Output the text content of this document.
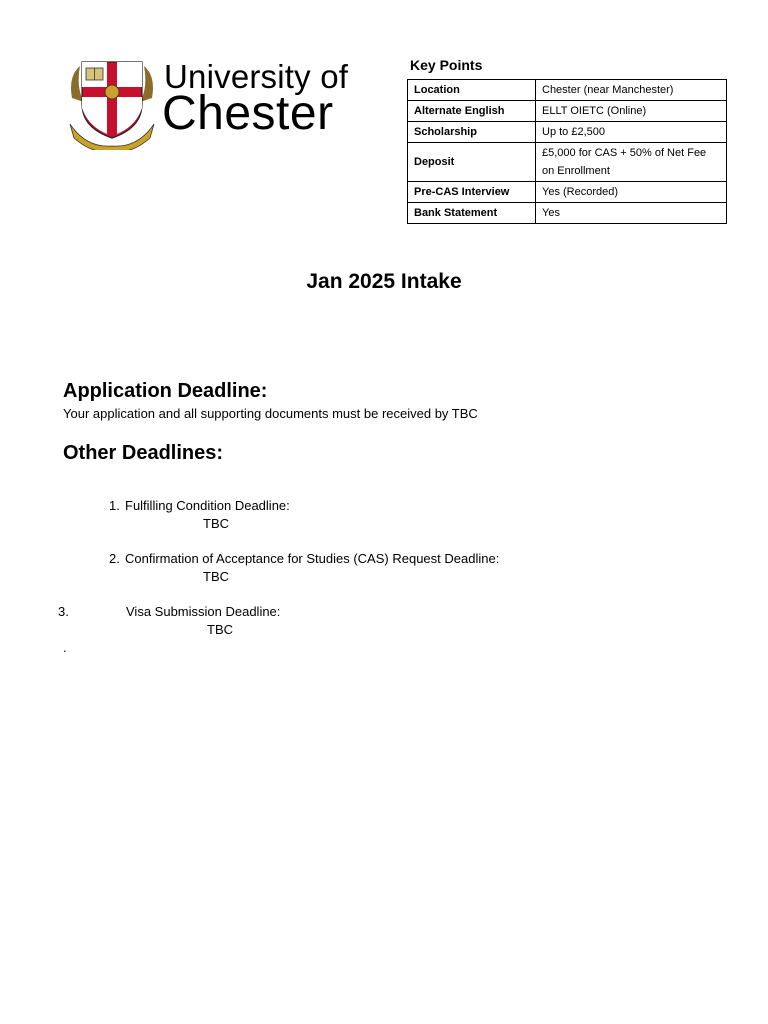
University of
Chester
Key Points
Location	Chester (near Manchester)
Alternate English	ELLT OIETC (Online)
Scholarship	Up to £2,500
Deposit	£5,000 for CAS + 50% of Net Fee on Enrollment
Pre-CAS Interview	Yes (Recorded)
Bank Statement	Yes
Jan 2025 Intake
Application Deadline:
Your application and all supporting documents must be received by TBC
Other Deadlines:
1. Fulfilling Condition Deadline:
TBC
2. Confirmation of Acceptance for Studies (CAS) Request Deadline:
TBC
3.	Visa Submission Deadline:
TBC
.
